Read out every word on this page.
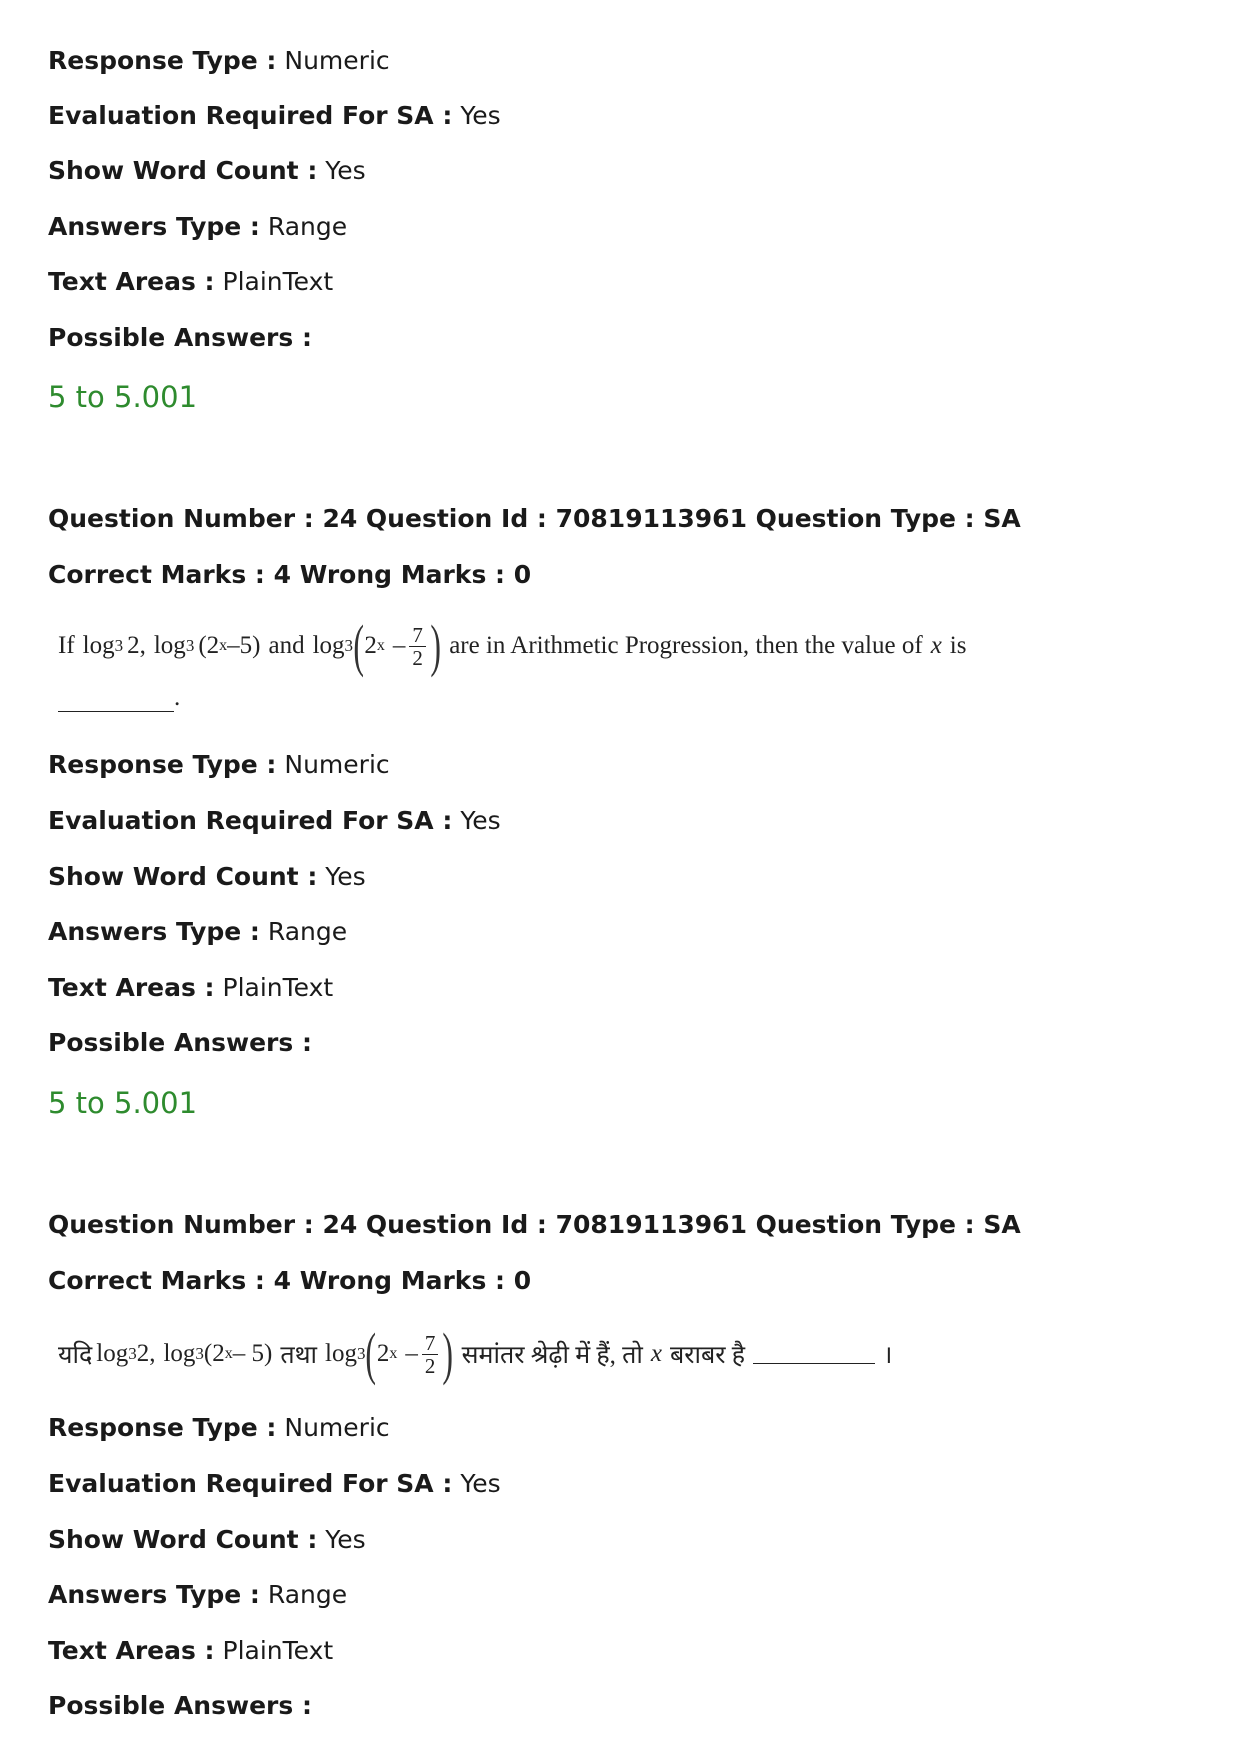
Response Type : Numeric
Evaluation Required For SA : Yes
Show Word Count : Yes
Answers Type : Range
Text Areas : PlainText
Possible Answers :
5 to 5.001
Question Number : 24 Question Id : 70819113961 Question Type : SA
Correct Marks : 4 Wrong Marks : 0
If log 3 2, log 3 (2 x –5) and log 3 ( 2 x – $\frac{7}{2}$ ) are in Arithmetic Progression, then the value of x is
.
Response Type : Numeric
Evaluation Required For SA : Yes
Show Word Count : Yes
Answers Type : Range
Text Areas : PlainText
Possible Answers :
5 to 5.001
Question Number : 24 Question Id : 70819113961 Question Type : SA
Correct Marks : 4 Wrong Marks : 0
यदि log 3 2, log 3 (2 x – 5) तथा log 3 ( 2 x – $\frac{7}{2}$ ) समांतर श्रेढ़ी में हैं, तो x बराबर है	।
Response Type : Numeric
Evaluation Required For SA : Yes
Show Word Count : Yes
Answers Type : Range
Text Areas : PlainText
Possible Answers :
